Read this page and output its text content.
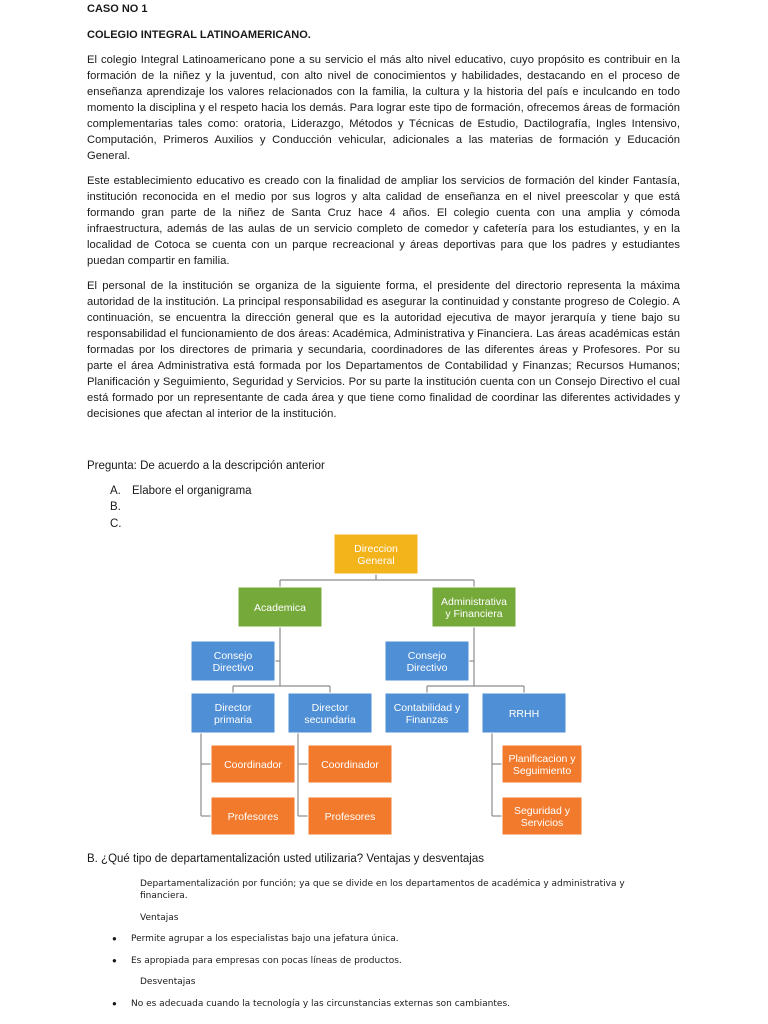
CASO NO 1
COLEGIO INTEGRAL LATINOAMERICANO.
El colegio Integral Latinoamericano pone a su servicio el más alto nivel educativo, cuyo propósito es contribuir en la formación de la niñez y la juventud, con alto nivel de conocimientos y habilidades, destacando en el proceso de enseñanza aprendizaje los valores relacionados con la familia, la cultura y la historia del país e inculcando en todo momento la disciplina y el respeto hacia los demás. Para lograr este tipo de formación, ofrecemos áreas de formación complementarias tales como: oratoria, Liderazgo, Métodos y Técnicas de Estudio, Dactilografía, Ingles Intensivo, Computación, Primeros Auxilios y Conducción vehicular, adicionales a las materias de formación y Educación General.
Este establecimiento educativo es creado con la finalidad de ampliar los servicios de formación del kinder Fantasía, institución reconocida en el medio por sus logros y alta calidad de enseñanza en el nivel preescolar y que está formando gran parte de la niñez de Santa Cruz hace 4 años. El colegio cuenta con una amplia y cómoda infraestructura, además de las aulas de un servicio completo de comedor y cafetería para los estudiantes, y en la localidad de Cotoca se cuenta con un parque recreacional y áreas deportivas para que los padres y estudiantes puedan compartir en familia.
El personal de la institución se organiza de la siguiente forma, el presidente del directorio representa la máxima autoridad de la institución. La principal responsabilidad es asegurar la continuidad y constante progreso de Colegio. A continuación, se encuentra la dirección general que es la autoridad ejecutiva de mayor jerarquía y tiene bajo su responsabilidad el funcionamiento de dos áreas: Académica, Administrativa y Financiera. Las áreas académicas están formadas por los directores de primaria y secundaria, coordinadores de las diferentes áreas y Profesores. Por su parte el área Administrativa está formada por los Departamentos de Contabilidad y Finanzas; Recursos Humanos; Planificación y Seguimiento, Seguridad y Servicios. Por su parte la institución cuenta con un Consejo Directivo el cual está formado por un representante de cada área y que tiene como finalidad de coordinar las diferentes actividades y decisiones que afectan al interior de la institución.
Pregunta: De acuerdo a la descripción anterior
A. Elabore el organigrama
B.
C.
Direccion
General
Academica	Administrativa
y Financiera
Consejo
Directivo
Consejo
Directivo
Director
primaria
Director
secundaria
Contabilidad y
Finanzas	RRHH
Coordinador	Coordinador
Profesores	Profesores
Planificacion y
Seguimiento
Seguridad y
Servicios
B. ¿Qué tipo de departamentalización usted utilizaria? Ventajas y desventajas
Departamentalización por función; ya que se divide en los departamentos de académica y administrativa y financiera.
Ventajas
● Permite agrupar a los especialistas bajo una jefatura única.
● Es apropiada para empresas con pocas líneas de productos.
Desventajas
● No es adecuada cuando la tecnología y las circunstancias externas son cambiantes.
